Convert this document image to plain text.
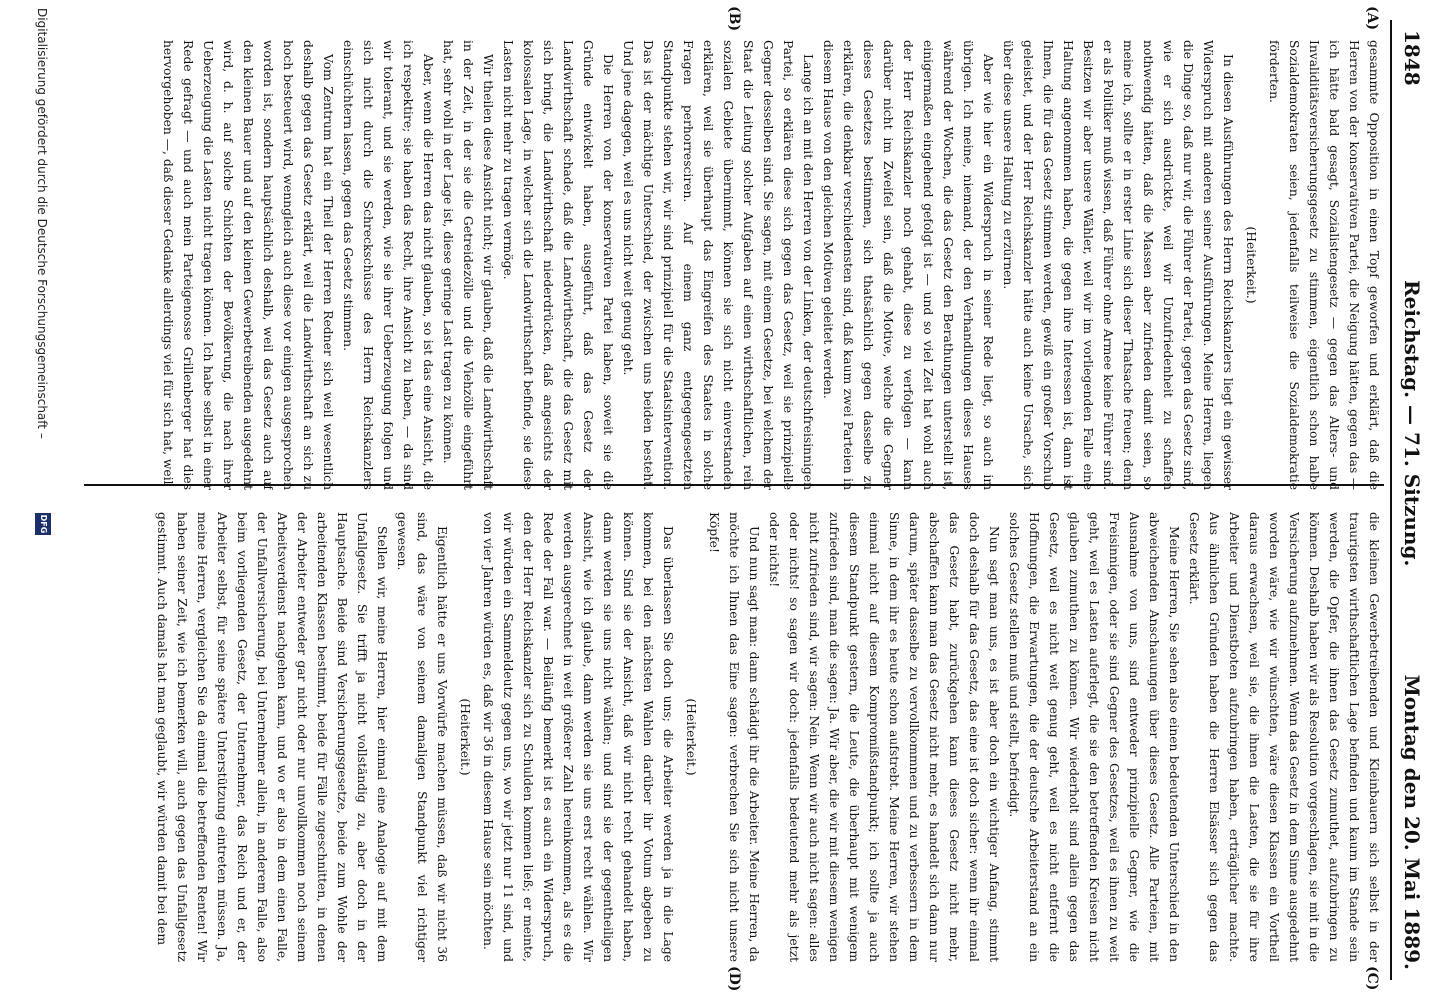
1848
Reichstag. — 71. Sitzung.
Montag den 20. Mai 1889.
(A)
(B)
(C)
(D)

gesammte Opposition in einen Topf geworfen und erklärt, daß die Herren von der konservativen Partei, die Neigung hätten, gegen das — ich hätte bald gesagt, Sozialistengesetz — gegen das Alters- und Invaliditätsversicherungsgesetz zu stimmen, eigentlich schon halbe Sozialdemokraten seien, jedenfalls teilweise die Sozialdemokratie förderten.

(Heiterkeit.)

In diesen Ausführungen des Herrn Reichskanzlers liegt ein gewisser Widerspruch mit anderen seiner Ausführungen. Meine Herren, liegen die Dinge so, daß nur wir, die Führer der Partei, gegen das Gesetz sind, wie er sich ausdrückte, weil wir Unzufriedenheit zu schaffen nothwendig hätten, daß die Massen aber zufrieden damit seien, so meine ich, sollte er in erster Linie sich dieser Thatsache freuen; denn er als Politiker muß wissen, daß Führer ohne Armee keine Führer sind. Besitzen wir aber unsere Wähler, weil wir im vorliegenden Falle eine Haltung angenommen haben, die gegen ihre Interessen ist, dann ist Ihnen, die für das Gesetz stimmen werden, gewiß ein großer Vorschub geleistet, und der Herr Reichskanzler hätte auch keine Ursache, sich über diese unsere Haltung zu erzürnen.

Aber wie hier ein Widerspruch in seiner Rede liegt, so auch im übrigen. Ich meine, niemand, der den Verhandlungen dieses Hauses während der Wochen, die das Gesetz den Berathungen unterstellt ist, einigermaßen eingehend gefolgt ist — und so viel Zeit hat wohl auch der Herr Reichskanzler noch gehabt, diese zu verfolgen — kann darüber nicht im Zweifel sein, daß die Motive, welche die Gegner dieses Gesetzes bestimmen, sich thatsächlich gegen dasselbe zu erklären, die denkbar verschiedensten sind, daß kaum zwei Parteien in diesem Hause von den gleichen Motiven geleitet werden.

Lange ich an mit den Herren von der Linken, der deutschfreisinnigen Partei, so erklären diese sich gegen das Gesetz, weil sie prinzipielle Gegner desselben sind. Sie sagen, mit einem Gesetze, bei welchem der Staat die Leitung solcher Aufgaben auf einen wirthschaftlichen, rein sozialen Gebiete übernimmt, können sie sich nicht einverstanden erklären, weil sie überhaupt das Eingreifen des Staates in solche Fragen perhorresciren. Auf einem ganz entgegengesetzten Standpunkte stehen wir, wir sind prinzipiell für die Staatsintervention. Das ist der mächtige Unterschied, der zwischen uns beiden besteht. Und jene dagegen, weil es uns nicht weit genug geht.

Die Herren von der konservativen Partei haben, soweit sie die Gründe entwickelt haben, ausgeführt, daß das Gesetz der Landwirthschaft schade, daß die Landwirthschaft, die das Gesetz mit sich bringt, die Landwirthschaft niederdrücken, daß angesichts der kolossalen Lage, in welcher sich die Landwirthschaft befinde, sie diese Lasten nicht mehr zu tragen vermöge.

Wir theilen diese Ansicht nicht; wir glauben, daß die Landwirthschaft in der Zeit, in der sie die Getreidezölle und die Viehzölle eingeführt hat, sehr wohl in der Lage ist, diese geringe Last tragen zu können.

Aber, wenn die Herren das nicht glauben, so ist das eine Ansicht, die ich respektire; sie haben das Recht, ihre Ansicht zu haben, — da sind wir tolerant, und sie werden, wie sie ihrer Ueberzeugung folgen und sich nicht durch die Schreckschüsse des Herrn Reichskanzlers einschüchtern lassen, gegen das Gesetz stimmen.

Vom Zentrum hat ein Theil der Herren Redner sich weil wesentlich deshalb gegen das Gesetz erklärt, weil die Landwirthschaft an sich zu hoch besteuert wird, wenngleich auch diese vor einigen ausgesprochen worden ist, sondern hauptsächlich deshalb, weil das Gesetz auch auf den kleinen Bauer und auf den kleinen Gewerbetreibenden ausgedehnt wird, d. h. auf solche Schichten der Bevölkerung, die nach ihrer Ueberzeugung die Lasten nicht tragen können. Ich habe selbst in einer Rede gefragt — und auch mein Parteigenosse Grillenberger hat dies hervorgehoben —, daß dieser Gedanke allerdings viel für sich hat, weil

die kleinen Gewerbetreibenden und Kleinbauern sich selbst in der traurigsten wirthschaftlichen Lage befinden und kaum im Stande sein werden, die Opfer, die ihnen das Gesetz zumuthet, aufzubringen zu können. Deshalb haben wir als Resolution vorgeschlagen, sie mit in die Versicherung aufzunehmen. Wenn das Gesetz in dem Sinne ausgedehnt worden wäre, wie wir wünschten, wäre diesen Klassen ein Vortheil daraus erwachsen, weil sie, die ihnen die Lasten, die sie für ihre Arbeiter und Dienstboten aufzubringen haben, erträglicher machte. Aus ähnlichen Gründen haben die Herren Elsässer sich gegen das Gesetz erklärt.

Meine Herren, Sie sehen also einen bedeutenden Unterschied in den abweichenden Anschauungen über dieses Gesetz. Alle Parteien, mit Ausnahme von uns, sind entweder prinzipielle Gegner, wie die Freisinnigen, oder sie sind Gegner des Gesetzes, weil es ihnen zu weit geht, weil es Lasten auferlegt, die sie den betreffenden Kreisen nicht glauben zumuthen zu können. Wir wiederholt sind allein gegen das Gesetz, weil es nicht weit genug geht, weil es nicht entfernt die Hoffnungen, die Erwartungen, die der deutsche Arbeiterstand an ein solches Gesetz stellen muß und stellt, befriedigt.

Nun sagt man uns, es ist aber doch ein wichtiger Anfang, stimmt doch deshalb für das Gesetz, das eine ist doch sicher: wenn ihr einmal das Gesetz habt, zurückgehen kann dieses Gesetz nicht mehr, abschaffen kann man das Gesetz nicht mehr, es handelt sich dann nur darum, später dasselbe zu vervollkommnen und zu verbessern in dem Sinne, in dem ihr es heute schon aufstrebt. Meine Herren, wir stehen einmal nicht auf diesem Kompromißstandpunkt; ich sollte ja auch diesem Standpunkt gestern, die Leute, die überhaupt mit wenigem zufrieden sind, man die sagen: Ja. Wir aber, die wir mit diesem wenigen nicht zufrieden sind, wir sagen: Nein. Wenn wir auch nicht sagen: alles oder nichts! so sagen wir doch: jedenfalls bedeutend mehr als jetzt oder nichts!

Und nun sagt man: dann schädigt ihr die Arbeiter. Meine Herren, da möchte ich Ihnen das Eine sagen: verbrechen Sie sich nicht unsere Köpfe!

(Heiterkeit.)

Das überlassen Sie doch uns; die Arbeiter werden ja in die Lage kommen, bei den nächsten Wahlen darüber ihr Votum abgeben zu können. Sind sie der Ansicht, daß wir nicht recht gehandelt haben, dann werden sie uns nicht wählen; und sind sie der gegentheiligen Ansicht, wie ich glaube, dann werden sie uns erst recht wählen. Wir werden ausgerechnet in weit größerer Zahl hereinkommen, als es die Rede der Fall war. — Beiläufig bemerkt ist es auch ein Widerspruch, den der Herr Reichskanzler sich zu Schulden kommen ließ; er meinte, wir würden ein Sammeldeutz gegen uns, wo wir jetzt nur 11 sind, und von vier Jahren würden es, daß wir 36 in diesem Hause sein möchten.

(Heiterkeit.)

Eigentlich hätte er uns Vorwürfe machen müssen, daß wir nicht 36 sind, das wäre von seinem damaligen Standpunkt viel richtiger gewesen.

Stellen wir, meine Herren, hier einmal eine Analogie auf mit dem Unfallgesetz. Sie trifft ja nicht vollständig zu, aber doch in der Hauptsache. Beide sind Versicherungsgesetze, beide zum Wohle der arbeitenden Klassen bestimmt, beide für Fälle zugeschnitten, in denen der Arbeiter entweder gar nicht oder nur unvollkommen noch seinem Arbeitsverdienst nachgehen kann, und wo er also in dem einen Falle, der Unfallversicherung, bei Unternehmer allein, in anderem Falle, also beim vorliegenden Gesetz, der Unternehmer, das Reich und er, der Arbeiter selbst, für seine spätere Unterstützung eintreten müssen. Ja, meine Herren, vergleichen Sie da einmal die betreffenden Renten! Wir haben seiner Zeit, wie ich bemerken will, auch gegen das Unfallgesetz gestimmt. Auch damals hat man geglaubt, wir würden damit bei dem

Digitalisierung gefördert durch die Deutsche Forschungsgemeinschaft –
DFG
